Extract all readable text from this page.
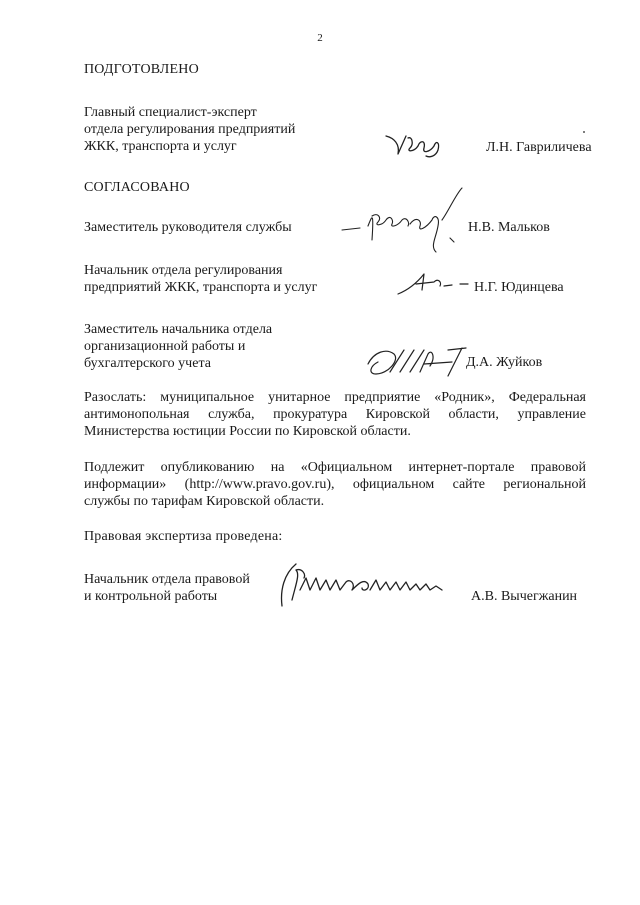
2
ПОДГОТОВЛЕНО
Главный специалист-эксперт
отдела регулирования предприятий
ЖКК, транспорта и услуг	Л.Н. Гавриличева
СОГЛАСОВАНО
Заместитель руководителя службы	Н.В. Мальков
Начальник отдела регулирования
предприятий ЖКК, транспорта и услуг	Н.Г. Юдинцева
Заместитель начальника отдела
организационной работы и
бухгалтерского учета	Д.А. Жуйков
Разослать: муниципальное унитарное предприятие «Родник», Федеральная
антимонопольная служба, прокуратура Кировской области, управление
Министерства юстиции России по Кировской области.
Подлежит опубликованию на «Официальном интернет-портале правовой
информации» (http://www.pravo.gov.ru), официальном сайте региональной
службы по тарифам Кировской области.
Правовая экспертиза проведена:
Начальник отдела правовой
и контрольной работы	А.В. Вычегжанин
